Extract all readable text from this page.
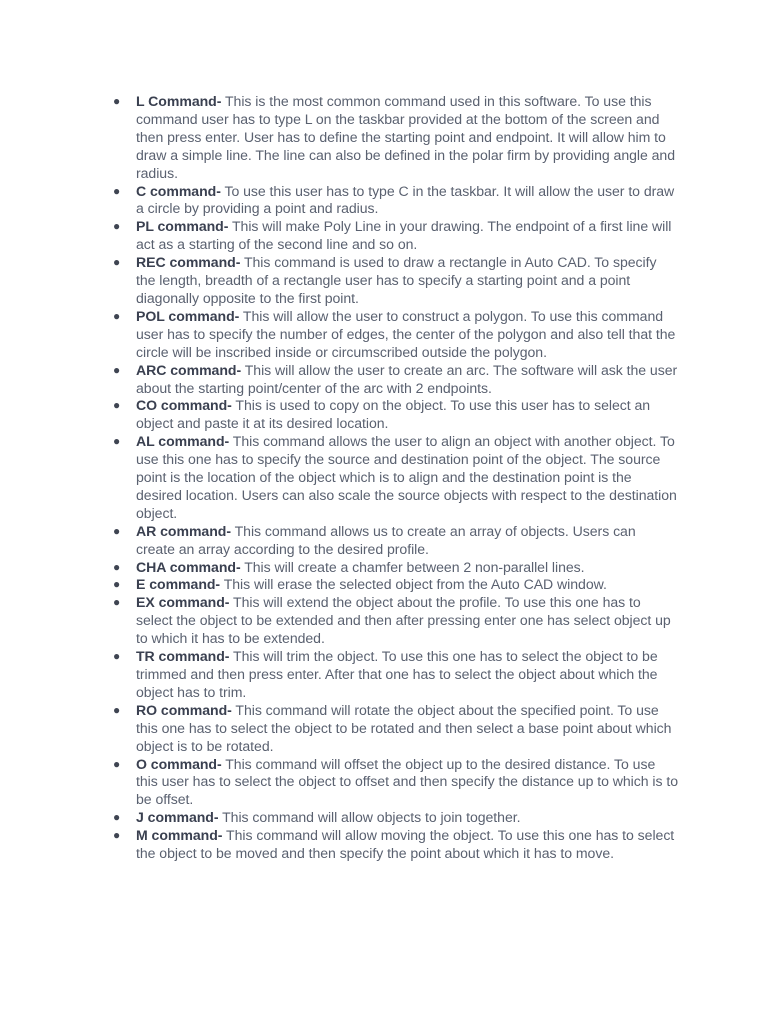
● L Command- This is the most common command used in this software. To use this command user has to type L on the taskbar provided at the bottom of the screen and then press enter. User has to define the starting point and endpoint. It will allow him to draw a simple line. The line can also be defined in the polar firm by providing angle and radius.
● C command- To use this user has to type C in the taskbar. It will allow the user to draw a circle by providing a point and radius.
● PL command- This will make Poly Line in your drawing. The endpoint of a first line will act as a starting of the second line and so on.
● REC command- This command is used to draw a rectangle in Auto CAD. To specify the length, breadth of a rectangle user has to specify a starting point and a point diagonally opposite to the first point.
● POL command- This will allow the user to construct a polygon. To use this command user has to specify the number of edges, the center of the polygon and also tell that the circle will be inscribed inside or circumscribed outside the polygon.
● ARC command- This will allow the user to create an arc. The software will ask the user about the starting point/center of the arc with 2 endpoints.
● CO command- This is used to copy on the object. To use this user has to select an object and paste it at its desired location.
● AL command- This command allows the user to align an object with another object. To use this one has to specify the source and destination point of the object. The source point is the location of the object which is to align and the destination point is the desired location. Users can also scale the source objects with respect to the destination object.
● AR command- This command allows us to create an array of objects. Users can create an array according to the desired profile.
● CHA command- This will create a chamfer between 2 non-parallel lines.
● E command- This will erase the selected object from the Auto CAD window.
● EX command- This will extend the object about the profile. To use this one has to select the object to be extended and then after pressing enter one has select object up to which it has to be extended.
● TR command- This will trim the object. To use this one has to select the object to be trimmed and then press enter. After that one has to select the object about which the object has to trim.
● RO command- This command will rotate the object about the specified point. To use this one has to select the object to be rotated and then select a base point about which object is to be rotated.
● O command- This command will offset the object up to the desired distance. To use this user has to select the object to offset and then specify the distance up to which is to be offset.
● J command- This command will allow objects to join together.
● M command- This command will allow moving the object. To use this one has to select the object to be moved and then specify the point about which it has to move.
